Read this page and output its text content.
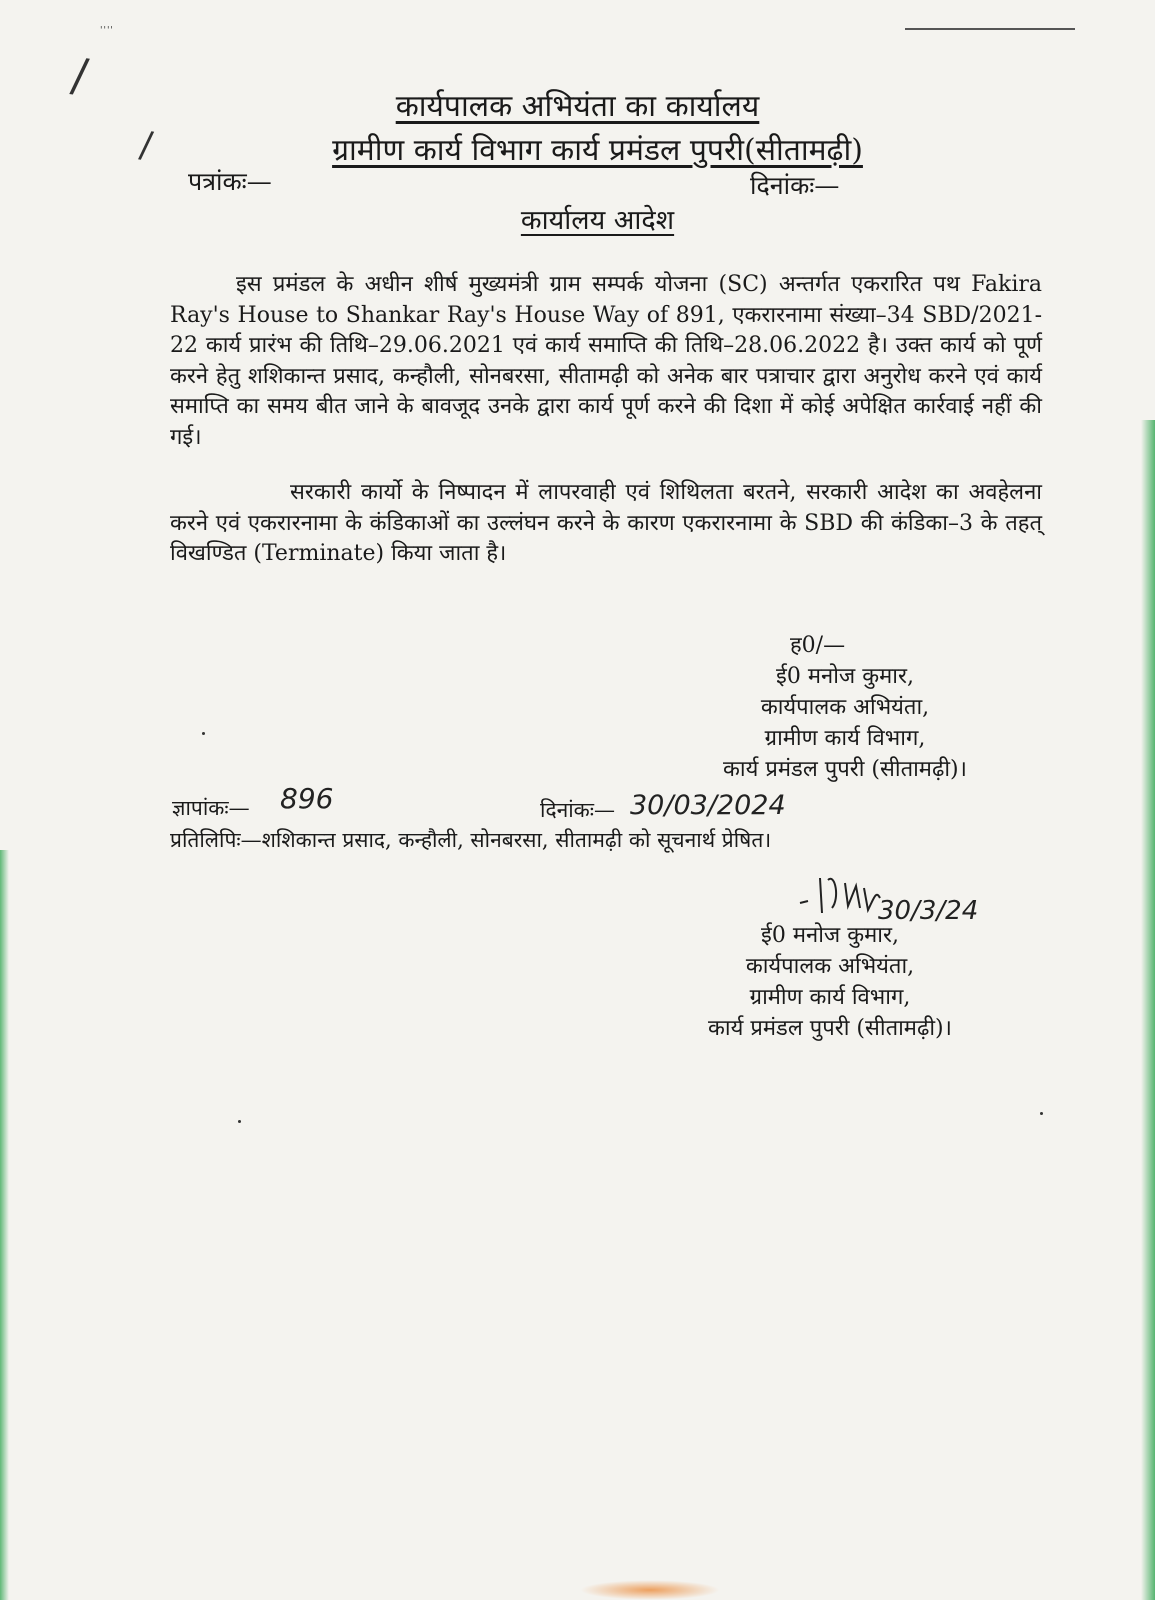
''''
/
/
कार्यपालक अभियंता का कार्यालय
ग्रामीण कार्य विभाग कार्य प्रमंडल पुपरी(सीतामढ़ी)
पत्रांकः—	दिनांकः—
कार्यालय आदेश
इस प्रमंडल के अधीन शीर्ष मुख्यमंत्री ग्राम सम्पर्क योजना (SC) अन्तर्गत एकरारित पथ Fakira Ray's House to Shankar Ray's House Way of 891, एकरारनामा संख्या–34 SBD/2021-22 कार्य प्रारंभ की तिथि–29.06.2021 एवं कार्य समाप्ति की तिथि–28.06.2022 है। उक्त कार्य को पूर्ण करने हेतु शशिकान्त प्रसाद, कन्हौली, सोनबरसा, सीतामढ़ी को अनेक बार पत्राचार द्वारा अनुरोध करने एवं कार्य समाप्ति का समय बीत जाने के बावजूद उनके द्वारा कार्य पूर्ण करने की दिशा में कोई अपेक्षित कार्रवाई नहीं की गई।
सरकारी कार्यो के निष्पादन में लापरवाही एवं शिथिलता बरतने, सरकारी आदेश का अवहेलना करने एवं एकरारनामा के कंडिकाओं का उल्लंघन करने के कारण एकरारनामा के SBD की कंडिका–3 के तहत् विखण्डित (Terminate) किया जाता है।
ह0/—
ई0 मनोज कुमार,
कार्यपालक अभियंता,
ग्रामीण कार्य विभाग,
कार्य प्रमंडल पुपरी (सीतामढ़ी)।
ज्ञापांकः— 896	दिनांकः— 30/03/2024
प्रतिलिपिः—शशिकान्त प्रसाद, कन्हौली, सोनबरसा, सीतामढ़ी को सूचनार्थ प्रेषित।
30/3/24
ई0 मनोज कुमार,
कार्यपालक अभियंता,
ग्रामीण कार्य विभाग,
कार्य प्रमंडल पुपरी (सीतामढ़ी)।
